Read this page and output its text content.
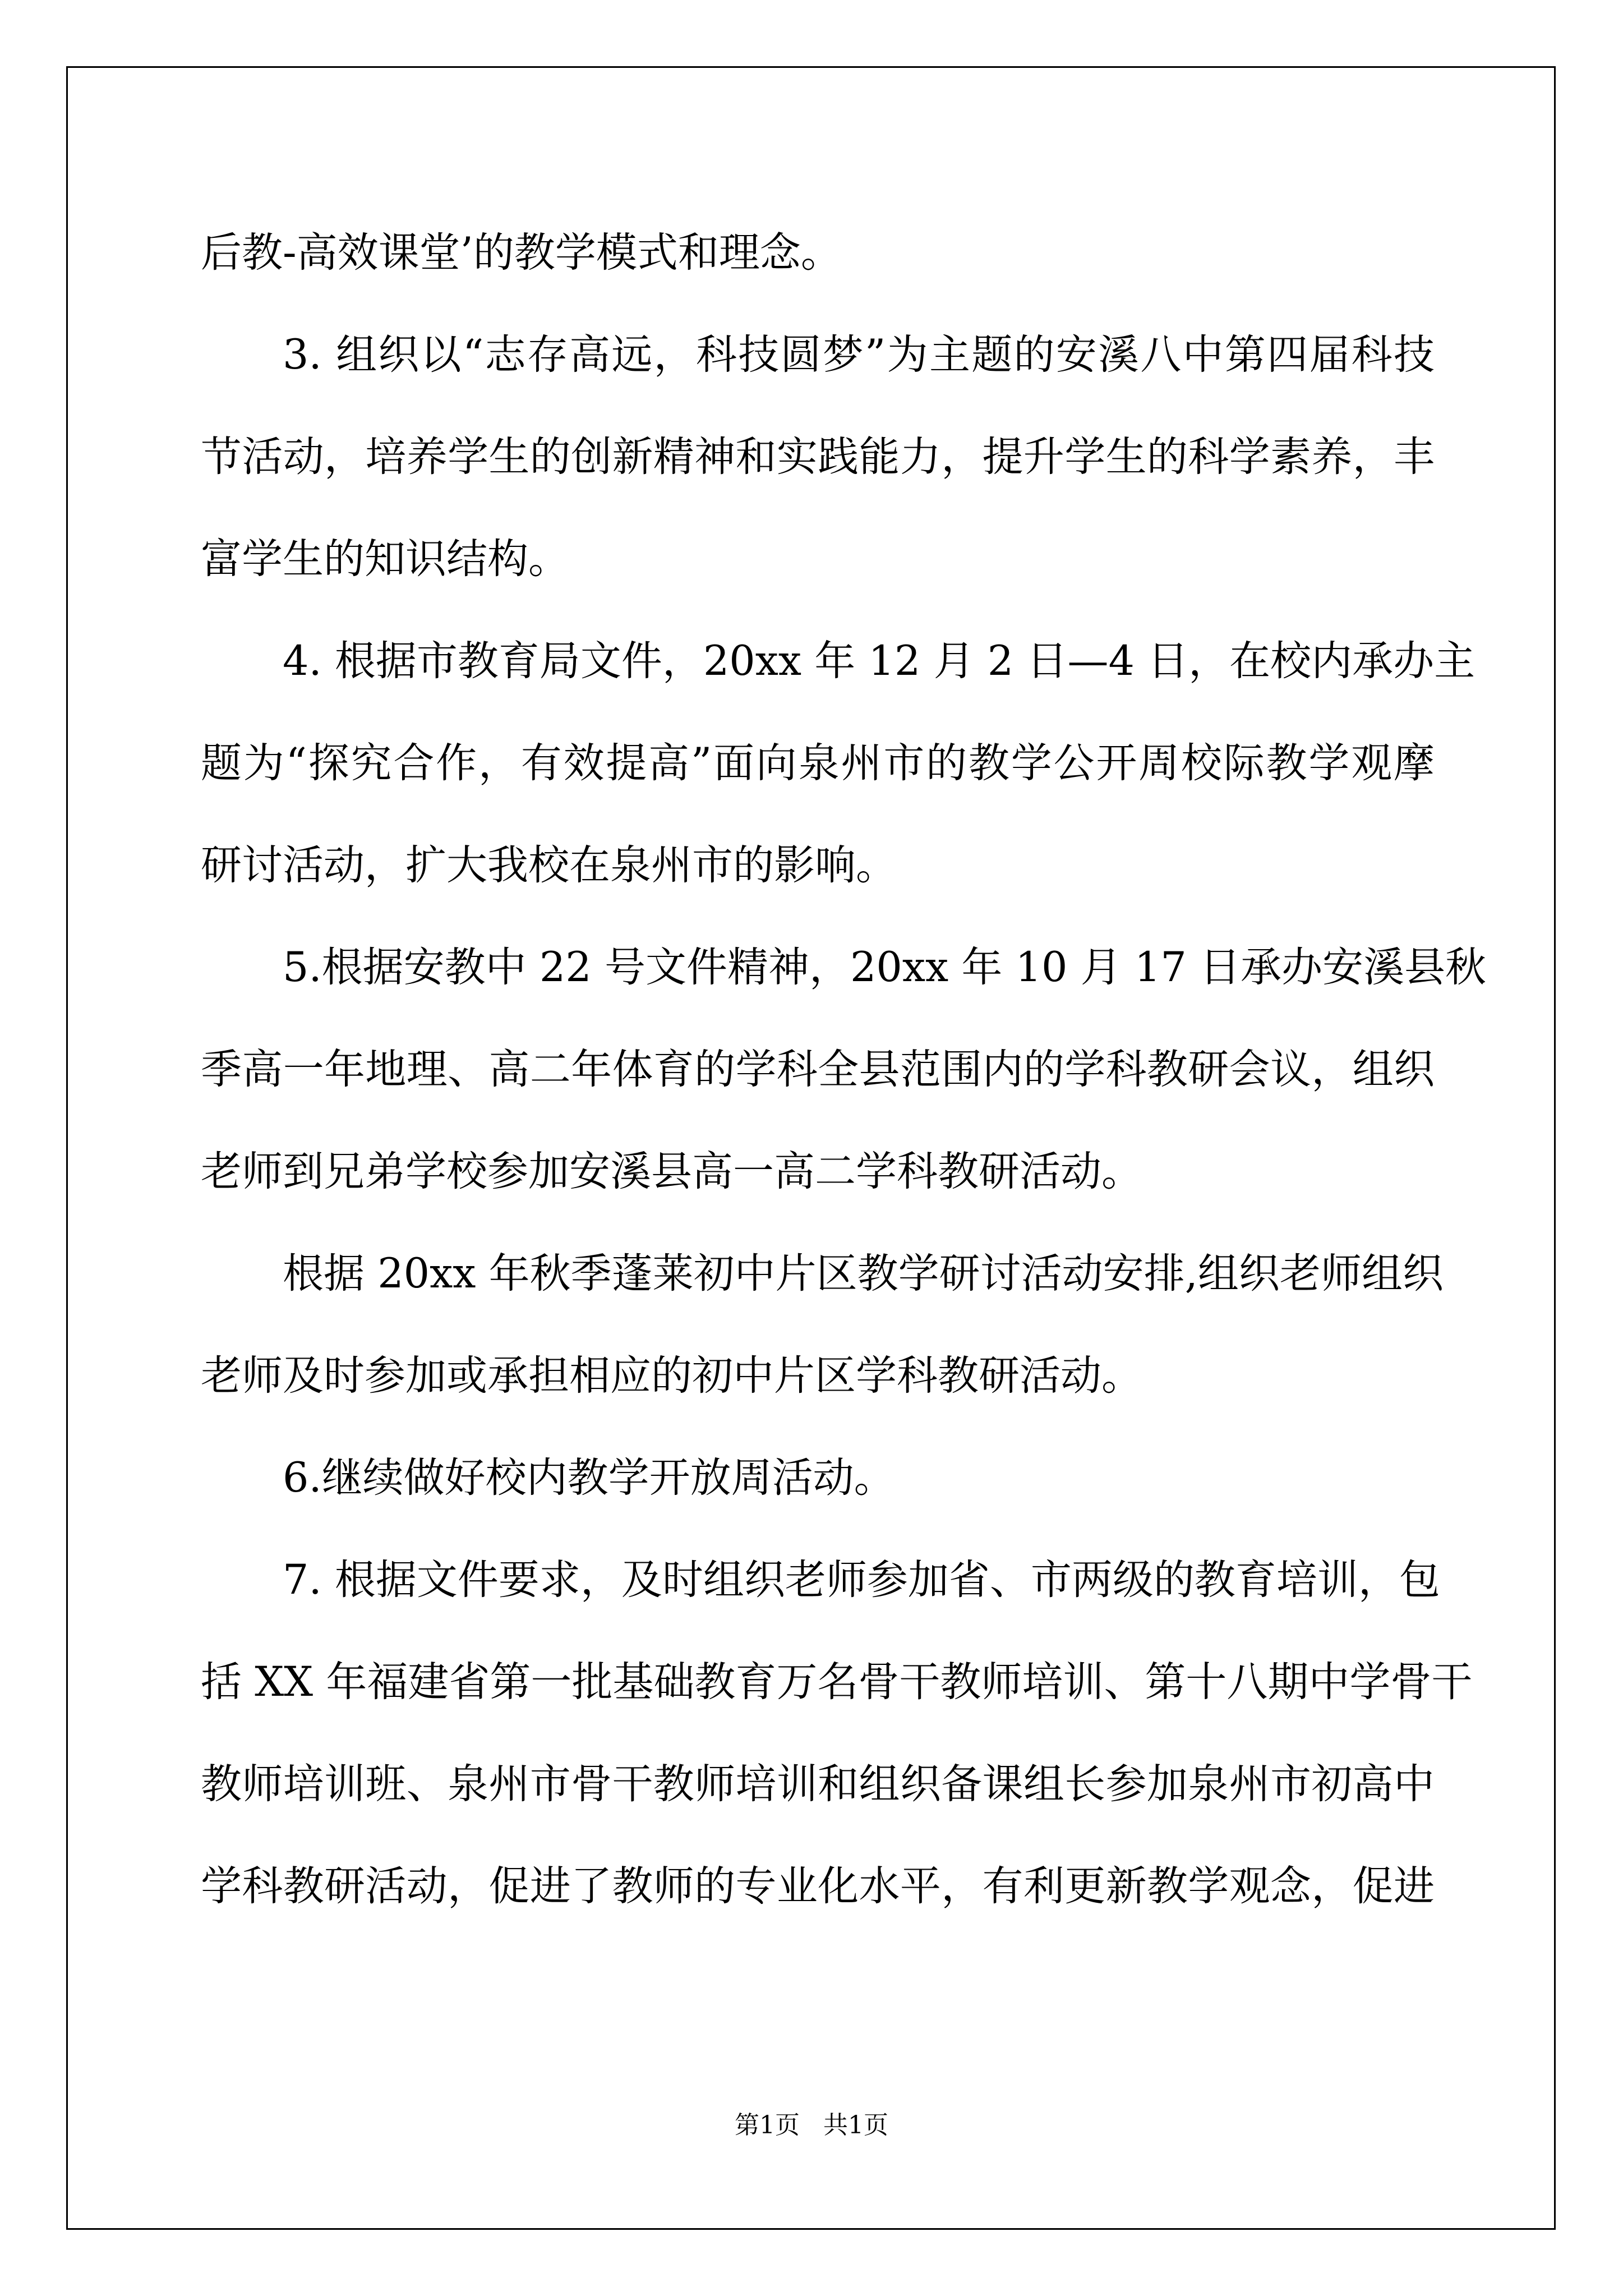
后教-高效课堂’的教学模式和理念。
3. 组织以“志存高远，科技圆梦”为主题的安溪八中第四届科技
节活动，培养学生的创新精神和实践能力，提升学生的科学素养，丰
富学生的知识结构。
4. 根据市教育局文件，20xx 年 12 月 2 日—4 日，在校内承办主
题为“探究合作，有效提高”面向泉州市的教学公开周校际教学观摩
研讨活动，扩大我校在泉州市的影响。
5.根据安教中 22 号文件精神，20xx 年 10 月 17 日承办安溪县秋
季高一年地理、高二年体育的学科全县范围内的学科教研会议，组织
老师到兄弟学校参加安溪县高一高二学科教研活动。
根据 20xx 年秋季蓬莱初中片区教学研讨活动安排,组织老师组织
老师及时参加或承担相应的初中片区学科教研活动。
6.继续做好校内教学开放周活动。
7. 根据文件要求，及时组织老师参加省、市两级的教育培训，包
括 XX 年福建省第一批基础教育万名骨干教师培训、第十八期中学骨干
教师培训班、泉州市骨干教师培训和组织备课组长参加泉州市初高中
学科教研活动，促进了教师的专业化水平，有利更新教学观念，促进
第1页   共1页
